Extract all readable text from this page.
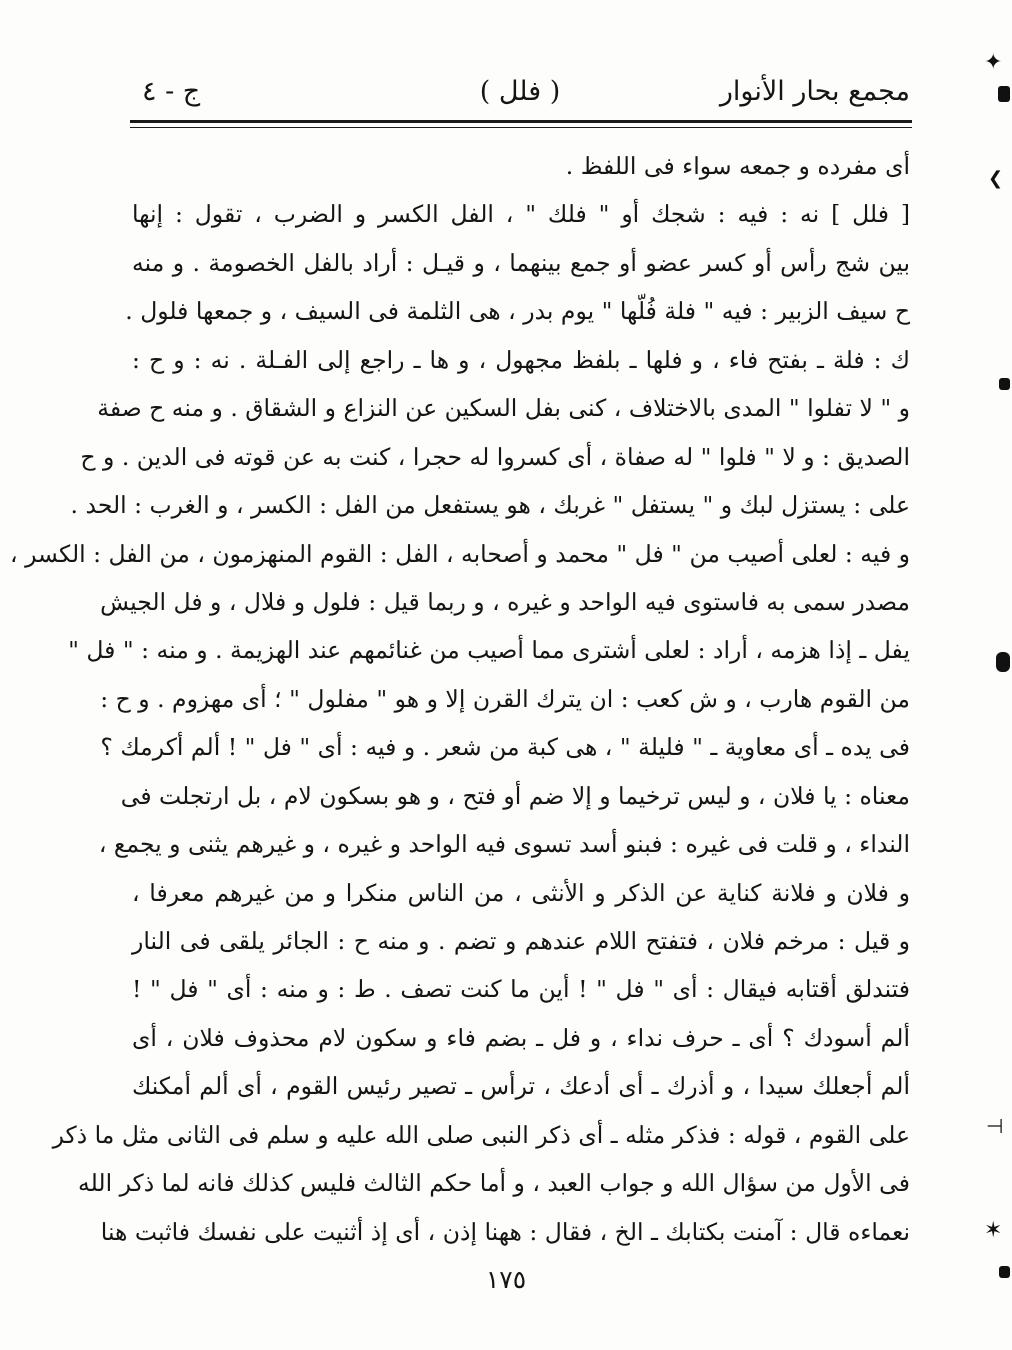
مجمع بحار الأنوار
( فلل )
ج - ٤
أى مفرده و جمعه سواء فى اللفظ .
[ فلل ] نه : فيه : شجك أو " فلك " ، الفل الكسر و الضرب ، تقول : إنها
بين شج رأس أو كسر عضو أو جمع بينهما ، و قيـل : أراد بالفل الخصومة . و منه
ح سيف الزبير : فيه " فلة فُلّها " يوم بدر ، هى الثلمة فى السيف ، و جمعها فلول .
ك : فلة ـ بفتح فاء ، و فلها ـ بلفظ مجهول ، و ها ـ راجع إلى الفـلة . نه : و ح :
و " لا تفلوا " المدى بالاختلاف ، كنى بفل السكين عن النزاع و الشقاق . و منه ح صفة
الصديق : و لا " فلوا " له صفاة ، أى كسروا له حجرا ، كنت به عن قوته فى الدين . و ح
على : يستزل لبك و " يستفل " غربك ، هو يستفعل من الفل : الكسر ، و الغرب : الحد .
و فيه : لعلى أصيب من " فل " محمد و أصحابه ، الفل : القوم المنهزمون ، من الفل : الكسر ،
مصدر سمى به فاستوى فيه الواحد و غيره ، و ربما قيل : فلول و فلال ، و فل الجيش
يفل ـ إذا هزمه ، أراد : لعلى أشترى مما أصيب من غنائمهم عند الهزيمة . و منه : " فل "
من القوم هارب ، و ش كعب : ان يترك القرن إلا و هو " مفلول " ؛ أى مهزوم . و ح :
فى يده ـ أى معاوية ـ " فليلة " ، هى كبة من شعر . و فيه : أى " فل " ! ألم أكرمك ؟
معناه : يا فلان ، و ليس ترخيما و إلا ضم أو فتح ، و هو بسكون لام ، بل ارتجلت فى
النداء ، و قلت فى غيره : فبنو أسد تسوى فيه الواحد و غيره ، و غيرهم يثنى و يجمع ،
و فلان و فلانة كناية عن الذكر و الأنثى ، من الناس منكرا و من غيرهم معرفا ،
و قيل : مرخم فلان ، فتفتح اللام عندهم و تضم . و منه ح : الجائر يلقى فى النار
فتندلق أقتابه فيقال : أى " فل " ! أين ما كنت تصف . ط : و منه : أى " فل " !
ألم أسودك ؟ أى ـ حرف نداء ، و فل ـ بضم فاء و سكون لام محذوف فلان ، أى
ألم أجعلك سيدا ، و أذرك ـ أى أدعك ، ترأس ـ تصير رئيس القوم ، أى ألم أمكنك
على القوم ، قوله : فذكر مثله ـ أى ذكر النبى صلى الله عليه و سلم فى الثانى مثل ما ذكر
فى الأول من سؤال الله و جواب العبد ، و أما حكم الثالث فليس كذلك فانه لما ذكر الله
نعماءه قال : آمنت بكتابك ـ الخ ، فقال : ههنا إذن ، أى إذ أثنيت على نفسك فاثبت هنا
١٧٥
✦
❮
⊣
✶
